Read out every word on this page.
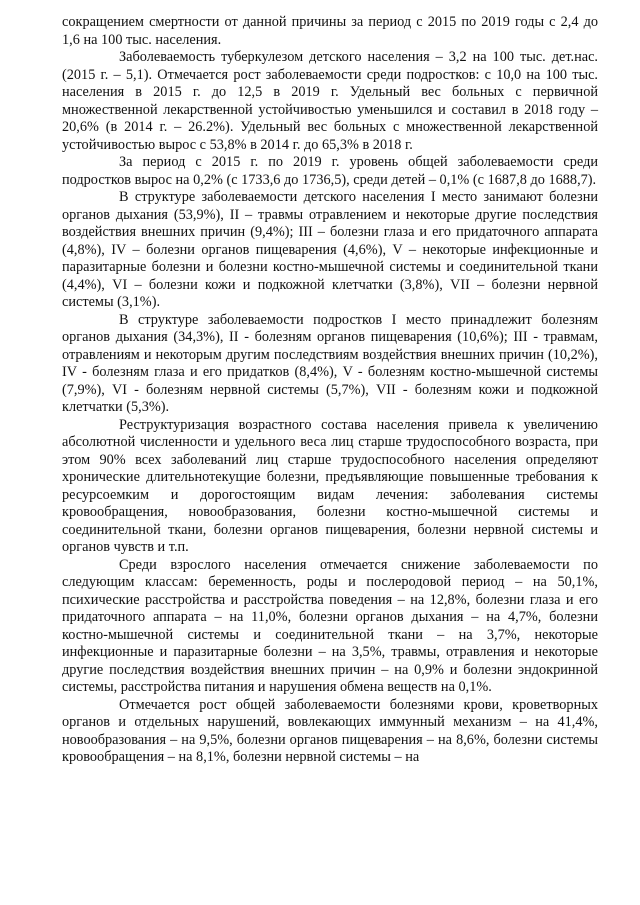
сокращением смертности от данной причины за период с 2015 по 2019 годы с 2,4 до 1,6 на 100 тыс. населения.

Заболеваемость туберкулезом детского населения – 3,2 на 100 тыс. дет.нас. (2015 г. – 5,1). Отмечается рост заболеваемости среди подростков: с 10,0 на 100 тыс. населения в 2015 г. до 12,5 в 2019 г. Удельный вес больных с первичной множественной лекарственной устойчивостью уменьшился и составил в 2018 году – 20,6% (в 2014 г. – 26.2%). Удельный вес больных с множественной лекарственной устойчивостью вырос с 53,8% в 2014 г. до 65,3% в 2018 г.

За период с 2015 г. по 2019 г. уровень общей заболеваемости среди подростков вырос на 0,2% (с 1733,6 до 1736,5), среди детей – 0,1% (с 1687,8 до 1688,7).

В структуре заболеваемости детского населения I место занимают болезни органов дыхания (53,9%), II – травмы отравлением и некоторые другие последствия воздействия внешних причин (9,4%); III – болезни глаза и его придаточного аппарата (4,8%), IV – болезни органов пищеварения (4,6%), V – некоторые инфекционные и паразитарные болезни и болезни костно-мышечной системы и соединительной ткани (4,4%), VI – болезни кожи и подкожной клетчатки (3,8%), VII – болезни нервной системы (3,1%).

В структуре заболеваемости подростков I место принадлежит болезням органов дыхания (34,3%), II - болезням органов пищеварения (10,6%); III - травмам, отравлениям и некоторым другим последствиям воздействия внешних причин (10,2%), IV - болезням глаза и его придатков (8,4%), V - болезням костно-мышечной системы (7,9%), VI - болезням нервной системы (5,7%), VII - болезням кожи и подкожной клетчатки (5,3%).

Реструктуризация возрастного состава населения привела к увеличению абсолютной численности и удельного веса лиц старше трудоспособного возраста, при этом 90% всех заболеваний лиц старше трудоспособного населения определяют хронические длительнотекущие болезни, предъявляющие повышенные требования к ресурсоемким и дорогостоящим видам лечения: заболевания системы кровообращения, новообразования, болезни костно-мышечной системы и соединительной ткани, болезни органов пищеварения, болезни нервной системы и органов чувств и т.п.

Среди взрослого населения отмечается снижение заболеваемости по следующим классам: беременность, роды и послеродовой период – на 50,1%, психические расстройства и расстройства поведения – на 12,8%, болезни глаза и его придаточного аппарата – на 11,0%, болезни органов дыхания – на 4,7%, болезни костно-мышечной системы и соединительной ткани – на 3,7%, некоторые инфекционные и паразитарные болезни – на 3,5%, травмы, отравления и некоторые другие последствия воздействия внешних причин – на 0,9% и болезни эндокринной системы, расстройства питания и нарушения обмена веществ на 0,1%.

Отмечается рост общей заболеваемости болезнями крови, кроветворных органов и отдельных нарушений, вовлекающих иммунный механизм – на 41,4%, новообразования – на 9,5%, болезни органов пищеварения – на 8,6%, болезни системы кровообращения – на 8,1%, болезни нервной системы – на
